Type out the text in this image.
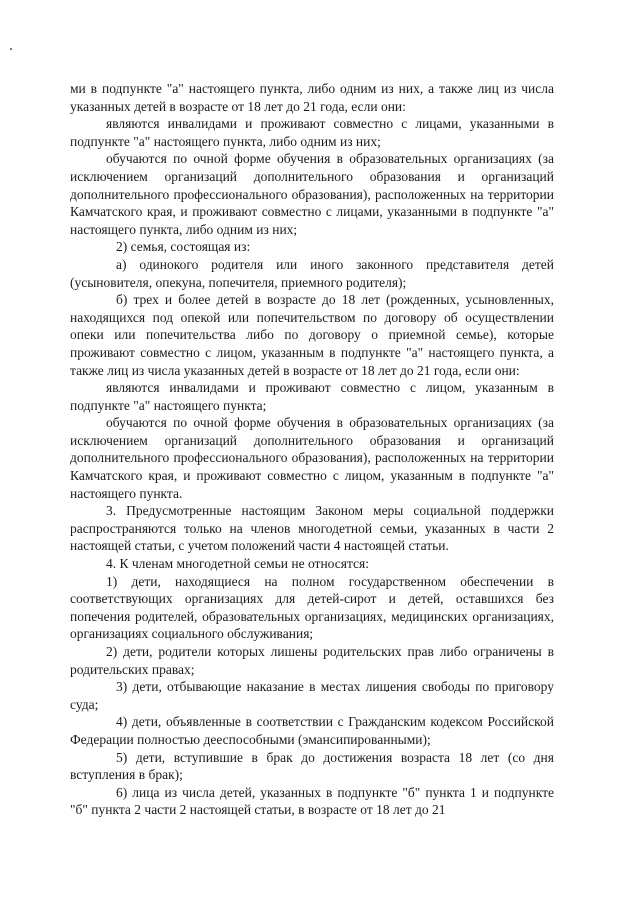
ми в подпункте "а" настоящего пункта, либо одним из них, а также лиц из числа указанных детей в возрасте от 18 лет до 21 года, если они:

являются инвалидами и проживают совместно с лицами, указанными в подпункте "а" настоящего пункта, либо одним из них;

обучаются по очной форме обучения в образовательных организациях (за исключением организаций дополнительного образования и организаций дополнительного профессионального образования), расположенных на территории Камчатского края, и проживают совместно с лицами, указанными в подпункте "а" настоящего пункта, либо одним из них;

2) семья, состоящая из:

а) одинокого родителя или иного законного представителя детей (усыновителя, опекуна, попечителя, приемного родителя);

б) трех и более детей в возрасте до 18 лет (рожденных, усыновленных, находящихся под опекой или попечительством по договору об осуществлении опеки или попечительства либо по договору о приемной семье), которые проживают совместно с лицом, указанным в подпункте "а" настоящего пункта, а также лиц из числа указанных детей в возрасте от 18 лет до 21 года, если они:

являются инвалидами и проживают совместно с лицом, указанным в подпункте "а" настоящего пункта;

обучаются по очной форме обучения в образовательных организациях (за исключением организаций дополнительного образования и организаций дополнительного профессионального образования), расположенных на территории Камчатского края, и проживают совместно с лицом, указанным в подпункте "а" настоящего пункта.

3. Предусмотренные настоящим Законом меры социальной поддержки распространяются только на членов многодетной семьи, указанных в части 2 настоящей статьи, с учетом положений части 4 настоящей статьи.

4. К членам многодетной семьи не относятся:

1) дети, находящиеся на полном государственном обеспечении в соответствующих организациях для детей-сирот и детей, оставшихся без попечения родителей, образовательных организациях, медицинских организациях, организациях социального обслуживания;

2) дети, родители которых лишены родительских прав либо ограничены в родительских правах;

3) дети, отбывающие наказание в местах лишения свободы по приговору суда;

4) дети, объявленные в соответствии с Гражданским кодексом Российской Федерации полностью дееспособными (эмансипированными);

5) дети, вступившие в брак до достижения возраста 18 лет (со дня вступления в брак);

6) лица из числа детей, указанных в подпункте "б" пункта 1 и подпункте "б" пункта 2 части 2 настоящей статьи, в возрасте от 18 лет до 21
